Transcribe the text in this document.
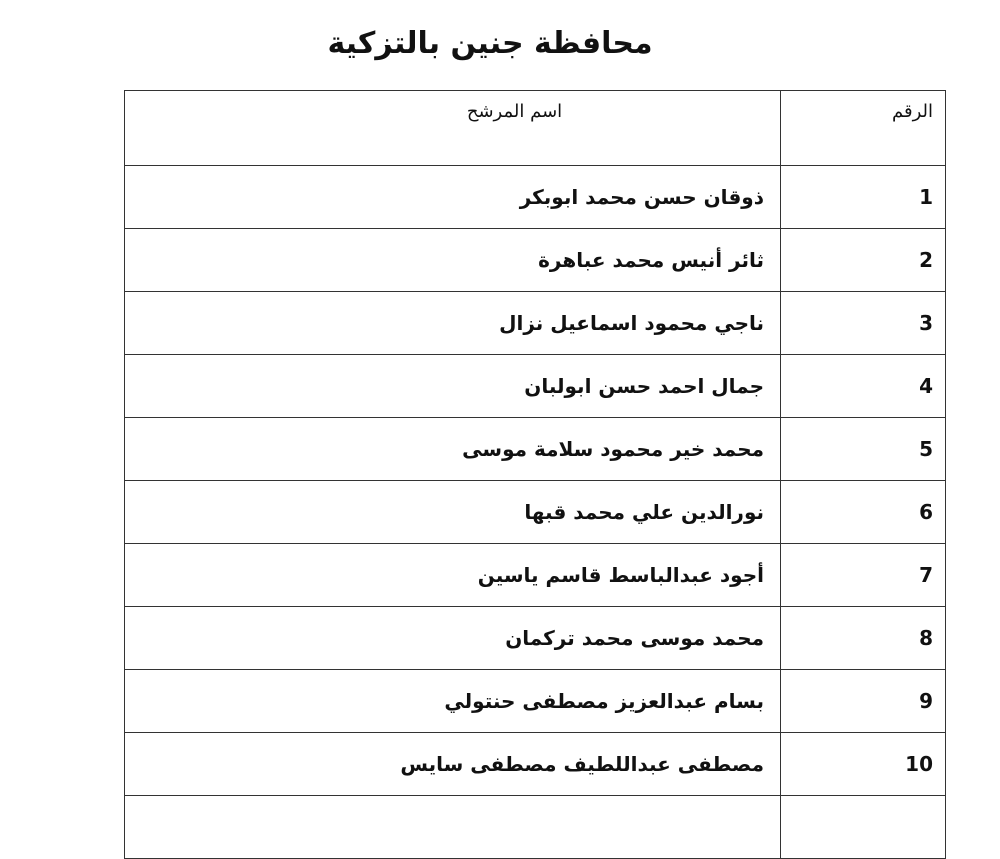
محافظة جنين بالتزكية
الرقم	اسم المرشح
1	ذوقان حسن محمد ابوبكر
2	ثائر أنيس محمد عباهرة
3	ناجي محمود اسماعيل نزال
4	جمال احمد حسن ابولبان
5	محمد خير محمود سلامة موسى
6	نورالدين علي محمد قبها
7	أجود عبدالباسط قاسم ياسين
8	محمد موسى محمد تركمان
9	بسام عبدالعزيز مصطفى حنتولي
10	مصطفى عبداللطيف مصطفى سايس
